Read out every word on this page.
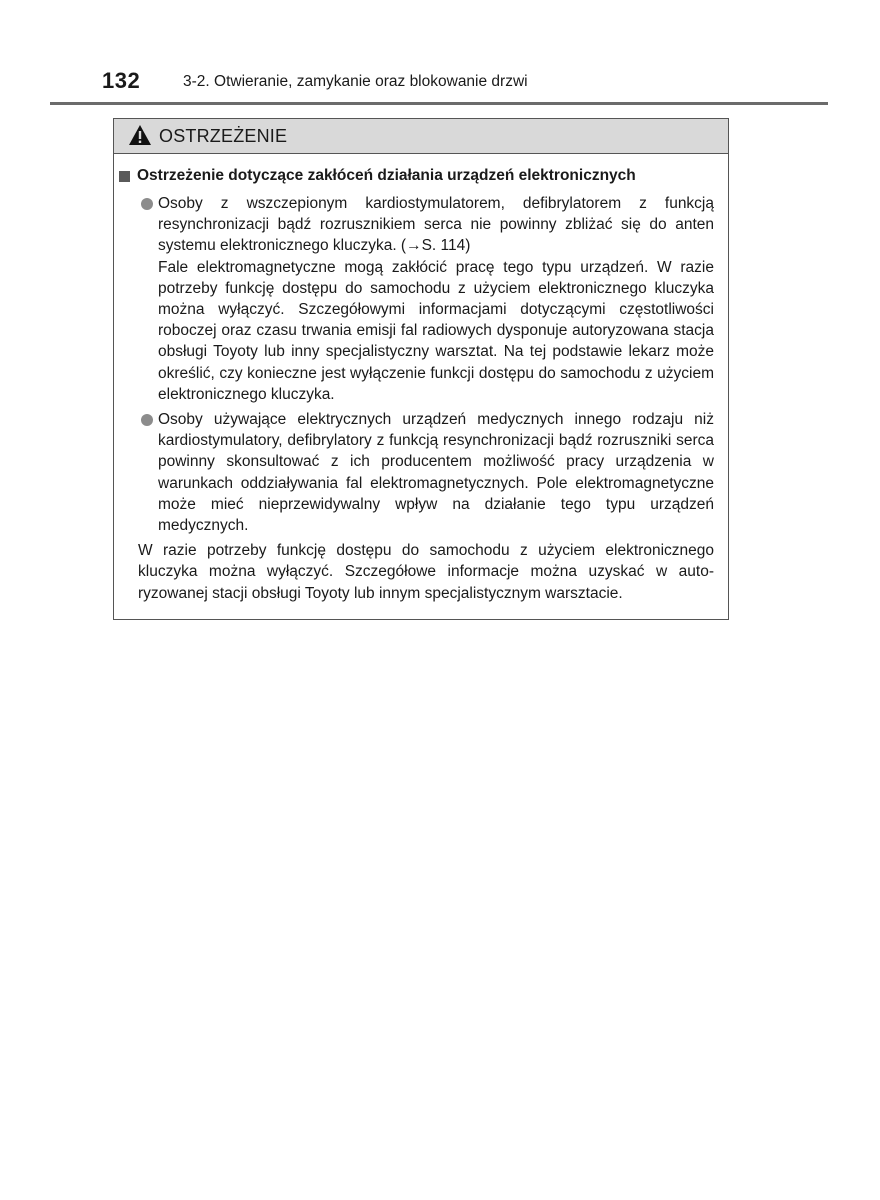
132	3-2. Otwieranie, zamykanie oraz blokowanie drzwi
OSTRZEŻENIE
Ostrzeżenie dotyczące zakłóceń działania urządzeń elektronicznych

Osoby z wszczepionym kardiostymulatorem, defibrylatorem z funkcją resynchronizacji bądź rozrusznikiem serca nie powinny zbliżać się do anten systemu elektronicznego kluczyka. (→S. 114)

Fale elektromagnetyczne mogą zakłócić pracę tego typu urządzeń. W razie potrzeby funkcję dostępu do samochodu z użyciem elektronicznego kluczyka można wyłączyć. Szczegółowymi informacjami dotyczącymi częstotliwości roboczej oraz czasu trwania emisji fal radiowych dysponuje autoryzowana stacja obsługi Toyoty lub inny specjalistyczny warsztat. Na tej podstawie lekarz może określić, czy konieczne jest wyłączenie funkcji dostępu do samochodu z użyciem elektronicznego kluczyka.

Osoby używające elektrycznych urządzeń medycznych innego rodzaju niż kardiostymulatory, defibrylatory z funkcją resynchronizacji bądź rozruszniki serca powinny skonsultować z ich producentem możliwość pracy urządzenia w warunkach oddziaływania fal elektromagnetycznych. Pole elektromagnetyczne może mieć nieprzewidywalny wpływ na działanie tego typu urządzeń medycznych.

W razie potrzeby funkcję dostępu do samochodu z użyciem elektronicznego kluczyka można wyłączyć. Szczegółowe informacje można uzyskać w autoryzowanej stacji obsługi Toyoty lub innym specjalistycznym warsztacie.
